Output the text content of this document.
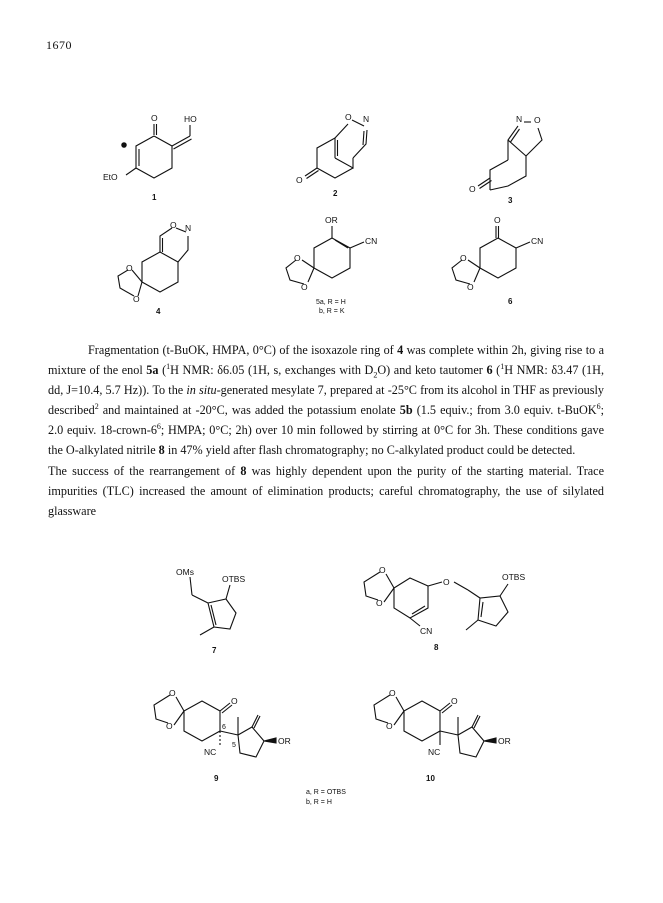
1670
O	HO
EtO
1
O N
O
2
N O
O
3
O N
O
O
4
OR
CN
O
O
5a, R = H
b, R = K
O
CN
O
O
6

Fragmentation (t-BuOK, HMPA, 0°C) of the isoxazole ring of 4 was complete within 2h, giving rise to a mixture of the enol 5a ($^1$H NMR: δ6.05 (1H, s, exchanges with $D_2O$) and keto tautomer 6 ($^1$H NMR: δ3.47 (1H, dd, J=10.4, 5.7 Hz)). To the in situ-generated mesylate 7, prepared at -25°C from its alcohol in THF as previously described$^2$ and maintained at -20°C, was added the potassium enolate 5b (1.5 equiv.; from 3.0 equiv. t-BuOK$^6$; 2.0 equiv. $18-crown-6^6$; HMPA; 0°C; 2h) over 10 min followed by stirring at 0°C for 3h. These conditions gave the O-alkylated nitrile 8 in 47% yield after flash chromatography; no C-alkylated product could be detected.

The success of the rearrangement of 8 was highly dependent upon the purity of the starting material. Trace impurities (TLC) increased the amount of elimination products; careful chromatography, the use of silylated glassware

OMs
OTBS
7
O
O
O	OTBS
CN
8
O
O
O
NC
6
5	OR
9
O
O
O
NC
OR
10
a, R = OTBS
b, R = H
